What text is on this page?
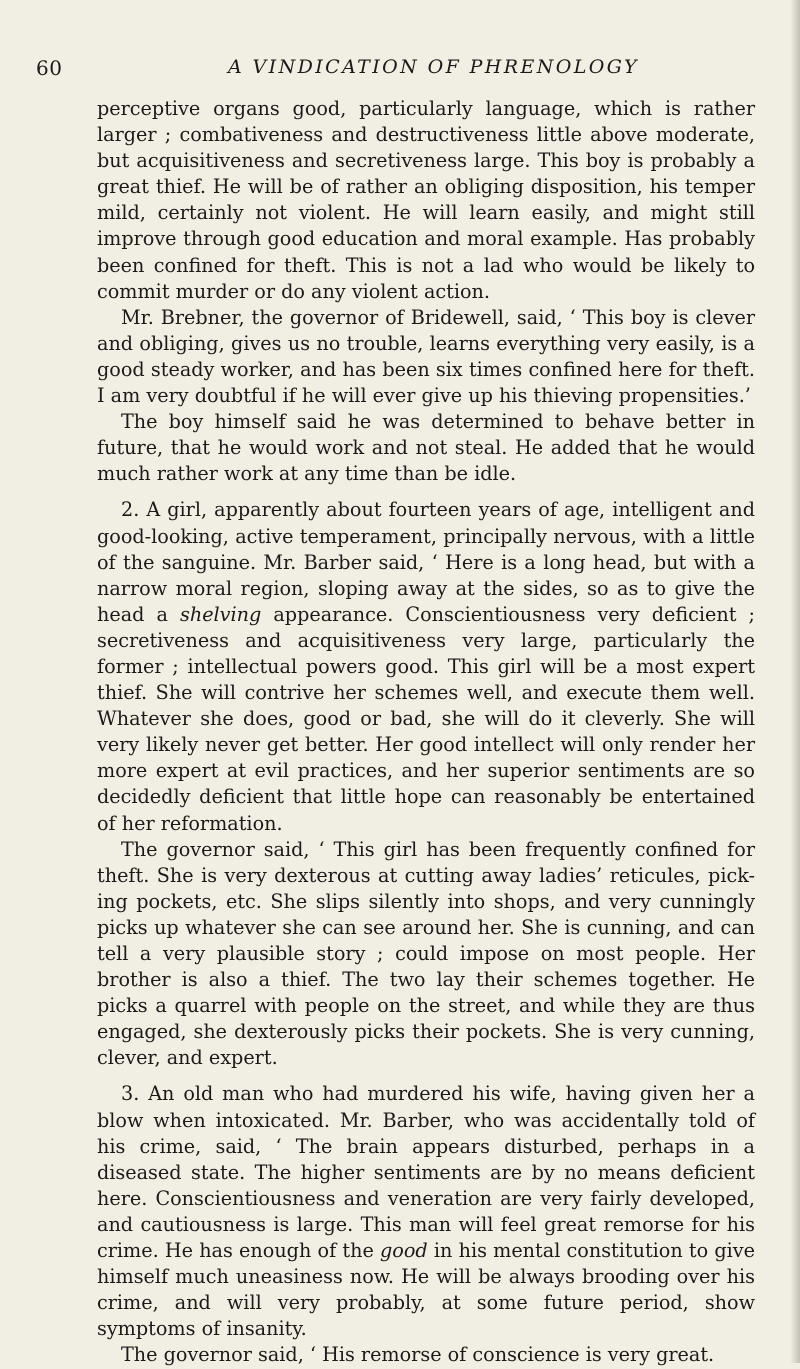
60	A VINDICATION OF PHRENOLOGY

perceptive organs good, particularly language, which is rather larger ; combativeness and destructiveness little above moderate, but acquisitiveness and secretiveness large. This boy is probably a great thief. He will be of rather an obliging disposition, his temper mild, certainly not violent. He will learn easily, and might still improve through good education and moral example. Has probably been confined for theft. This is not a lad who would be likely to commit murder or do any violent action.

Mr. Brebner, the governor of Bridewell, said, ‘ This boy is clever and obliging, gives us no trouble, learns everything very easily, is a good steady worker, and has been six times confined here for theft. I am very doubtful if he will ever give up his thieving propensities.’

The boy himself said he was determined to behave better in future, that he would work and not steal. He added that he would much rather work at any time than be idle.

2. A girl, apparently about fourteen years of age, intelligent and good-looking, active temperament, principally nervous, with a little of the sanguine. Mr. Barber said, ‘ Here is a long head, but with a narrow moral region, sloping away at the sides, so as to give the head a shelving appearance. Conscientiousness very deficient ; secretiveness and acquisitiveness very large, particularly the former ; intellectual powers good. This girl will be a most expert thief. She will contrive her schemes well, and execute them well. Whatever she does, good or bad, she will do it cleverly. She will very likely never get better. Her good intellect will only render her more expert at evil practices, and her superior sentiments are so decidedly deficient that little hope can reasonably be entertained of her reformation.

The governor said, ‘ This girl has been frequently confined for theft. She is very dexterous at cutting away ladies’ reticules, pick-ing pockets, etc. She slips silently into shops, and very cunningly picks up whatever she can see around her. She is cunning, and can tell a very plausible story ; could impose on most people. Her brother is also a thief. The two lay their schemes together. He picks a quarrel with people on the street, and while they are thus engaged, she dexterously picks their pockets. She is very cunning, clever, and expert.

3. An old man who had murdered his wife, having given her a blow when intoxicated. Mr. Barber, who was accidentally told of his crime, said, ‘ The brain appears disturbed, perhaps in a diseased state. The higher sentiments are by no means deficient here. Conscientiousness and veneration are very fairly developed, and cautiousness is large. This man will feel great remorse for his crime. He has enough of the good in his mental constitution to give himself much uneasiness now. He will be always brooding over his crime, and will very probably, at some future period, show symptoms of insanity.

The governor said, ‘ His remorse of conscience is very great.
